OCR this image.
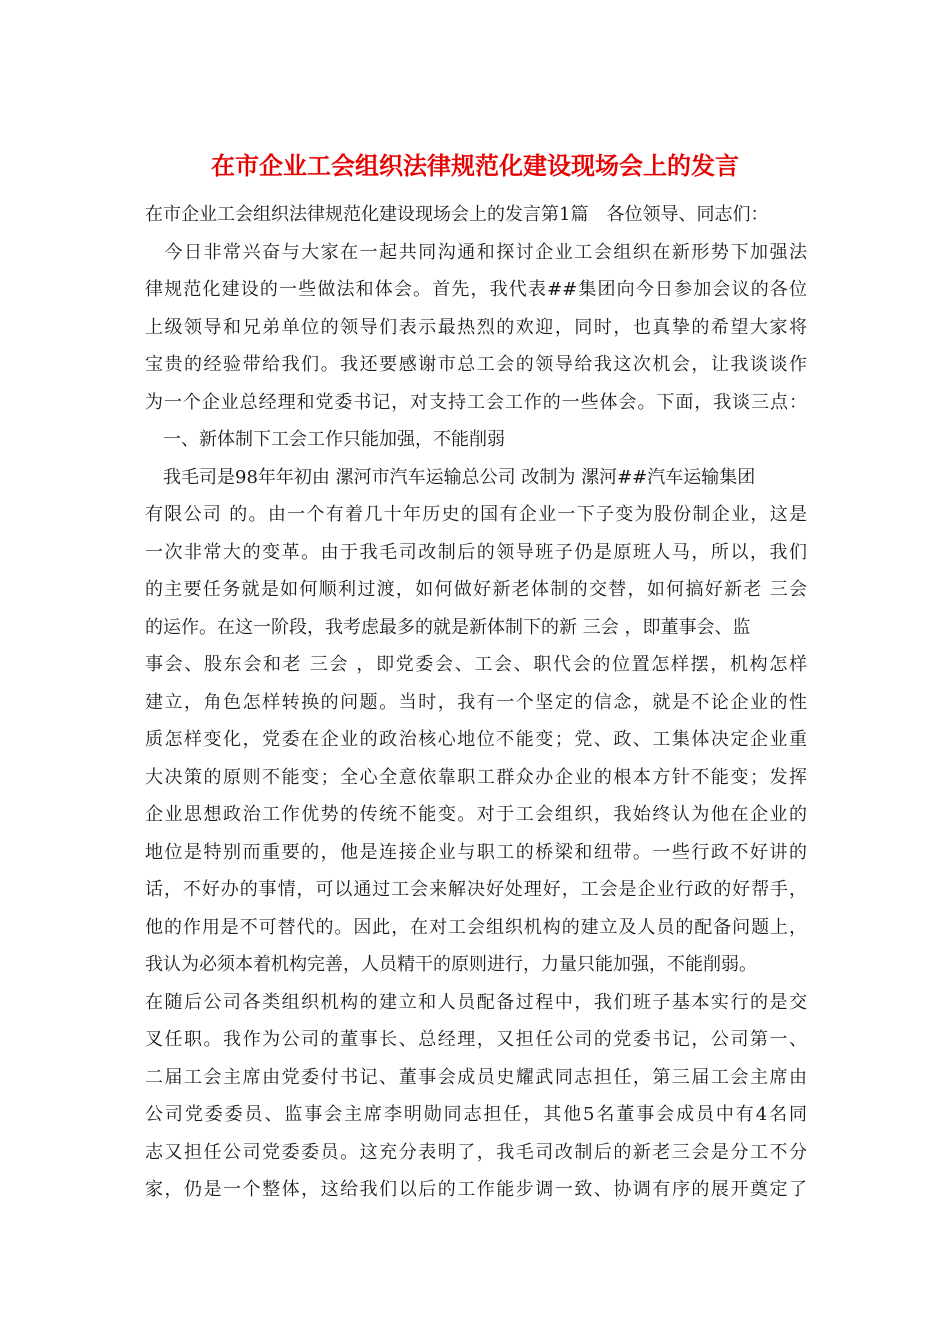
在市企业工会组织法律规范化建设现场会上的发言
在市企业工会组织法律规范化建设现场会上的发言第1篇　各位领导、同志们：
　今日非常兴奋与大家在一起共同沟通和探讨企业工会组织在新形势下加强法
律规范化建设的一些做法和体会。首先，我代表##集团向今日参加会议的各位
上级领导和兄弟单位的领导们表示最热烈的欢迎，同时，也真挚的希望大家将
宝贵的经验带给我们。我还要感谢市总工会的领导给我这次机会，让我谈谈作
为一个企业总经理和党委书记，对支持工会工作的一些体会。下面，我谈三点：
　一、新体制下工会工作只能加强，不能削弱
　我毛司是98年年初由 漯河市汽车运输总公司 改制为 漯河##汽车运输集团
有限公司 的。由一个有着几十年历史的国有企业一下子变为股份制企业，这是
一次非常大的变革。由于我毛司改制后的领导班子仍是原班人马，所以，我们
的主要任务就是如何顺利过渡，如何做好新老体制的交替，如何搞好新老 三会
的运作。在这一阶段，我考虑最多的就是新体制下的新 三会 ，即董事会、监
事会、股东会和老 三会 ，即党委会、工会、职代会的位置怎样摆，机构怎样
建立，角色怎样转换的问题。当时，我有一个坚定的信念，就是不论企业的性
质怎样变化，党委在企业的政治核心地位不能变；党、政、工集体决定企业重
大决策的原则不能变；全心全意依靠职工群众办企业的根本方针不能变；发挥
企业思想政治工作优势的传统不能变。对于工会组织，我始终认为他在企业的
地位是特别而重要的，他是连接企业与职工的桥梁和纽带。一些行政不好讲的
话，不好办的事情，可以通过工会来解决好处理好，工会是企业行政的好帮手，
他的作用是不可替代的。因此，在对工会组织机构的建立及人员的配备问题上，
我认为必须本着机构完善，人员精干的原则进行，力量只能加强，不能削弱。
在随后公司各类组织机构的建立和人员配备过程中，我们班子基本实行的是交
叉任职。我作为公司的董事长、总经理，又担任公司的党委书记，公司第一、
二届工会主席由党委付书记、董事会成员史耀武同志担任，第三届工会主席由
公司党委委员、监事会主席李明勋同志担任，其他5名董事会成员中有4名同
志又担任公司党委委员。这充分表明了，我毛司改制后的新老三会是分工不分
家，仍是一个整体，这给我们以后的工作能步调一致、协调有序的展开奠定了
